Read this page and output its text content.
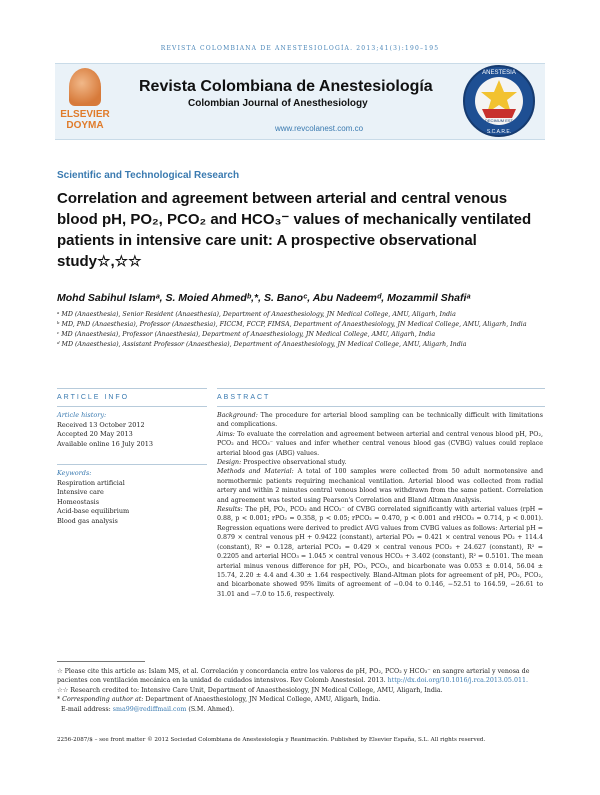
REVISTA COLOMBIANA DE ANESTESIOLOGÍA. 2013;41(3):190–195
ELSEVIER
DOYMA
Revista Colombiana de Anestesiología
Colombian Journal of Anesthesiology
www.revcolanest.com.co
ANESTESIA
DECIMUM EST
S.C.A.R.E.
Scientific and Technological Research
Correlation and agreement between arterial and central venous blood pH, PO₂, PCO₂ and HCO₃⁻ values of mechanically ventilated patients in intensive care unit: A prospective observational study☆,☆☆
Mohd Sabihul Islamᵃ, S. Moied Ahmedᵇ,*, S. Banoᶜ, Abu Nadeemᵈ, Mozammil Shafiᵃ
ᵃ MD (Anaesthesia), Senior Resident (Anaesthesia), Department of Anaesthesiology, JN Medical College, AMU, Aligarh, India
ᵇ MD, PhD (Anaesthesia), Professor (Anaesthesia), FICCM, FCCP, FIMSA, Department of Anaesthesiology, JN Medical College, AMU, Aligarh, India
ᶜ MD (Anaesthesia), Professor (Anaesthesia), Department of Anaesthesiology, JN Medical College, AMU, Aligarh, India
ᵈ MD (Anaesthesia), Assistant Professor (Anaesthesia), Department of Anaesthesiology, JN Medical College, AMU, Aligarh, India
ARTICLE INFO	ABSTRACT
Article history:
Received 13 October 2012
Accepted 20 May 2013
Available online 16 July 2013
Keywords:
Respiration artificial
Intensive care
Homeostasis
Acid-base equilibrium
Blood gas analysis

Background: The procedure for arterial blood sampling can be technically difficult with limitations and complications.

Aims: To evaluate the correlation and agreement between arterial and central venous blood pH, PO₂, PCO₂ and HCO₃⁻ values and infer whether central venous blood gas (CVBG) values could replace arterial blood gas (ABG) values.

Design: Prospective observational study.

Methods and Material: A total of 100 samples were collected from 50 adult normotensive and normothermic patients requiring mechanical ventilation. Arterial blood was collected from radial artery and within 2 minutes central venous blood was withdrawn from the same patient. Correlation and agreement was tested using Pearson's Correlation and Bland Altman Analysis.

Results: The pH, PO₂, PCO₂ and HCO₃⁻ of CVBG correlated significantly with arterial values (rpH = 0.88, p < 0.001; rPO₂ = 0.358, p < 0.05; rPCO₂ = 0.470, p < 0.001 and rHCO₃ = 0.714, p < 0.001). Regression equations were derived to predict AVG values from CVBG values as follows: Arterial pH = 0.879 × central venous pH + 0.9422 (constant), arterial PO₂ = 0.421 × central venous PO₂ + 114.4 (constant), R² = 0.128, arterial PCO₂ = 0.429 × central venous PCO₂ + 24.627 (constant), R² = 0.2205 and arterial HCO₃ = 1.045 × central venous HCO₃ + 3.402 (constant), R² = 0.5101. The mean arterial minus venous difference for pH, PO₂, PCO₂, and bicarbonate was 0.053 ± 0.014, 56.04 ± 15.74, 2.20 ± 4.4 and 4.30 ± 1.64 respectively. Bland-Altman plots for agreement of pH, PO₂, PCO₂, and bicarbonate showed 95% limits of agreement of −0.04 to 0.146, −52.51 to 164.59, −26.61 to 31.01 and −7.0 to 15.6, respectively.

☆ Please cite this article as: Islam MS, et al. Correlación y concordancia entre los valores de pH, PO₂, PCO₂ y HCO₃⁻ en sangre arterial y venosa de pacientes con ventilación mecánica en la unidad de cuidados intensivos. Rev Colomb Anestesiol. 2013. http://dx.doi.org/10.1016/j.rca.2013.05.011.

☆☆ Research credited to: Intensive Care Unit, Department of Anaesthesiology, JN Medical College, AMU, Aligarh, India.

* Corresponding author at: Department of Anaesthesiology, JN Medical College, AMU, Aligarh, India.

E-mail address: sma99@rediffmail.com (S.M. Ahmed).

2256-2087/$ – see front matter © 2012 Sociedad Colombiana de Anestesiología y Reanimación. Published by Elsevier España, S.L. All rights reserved.
